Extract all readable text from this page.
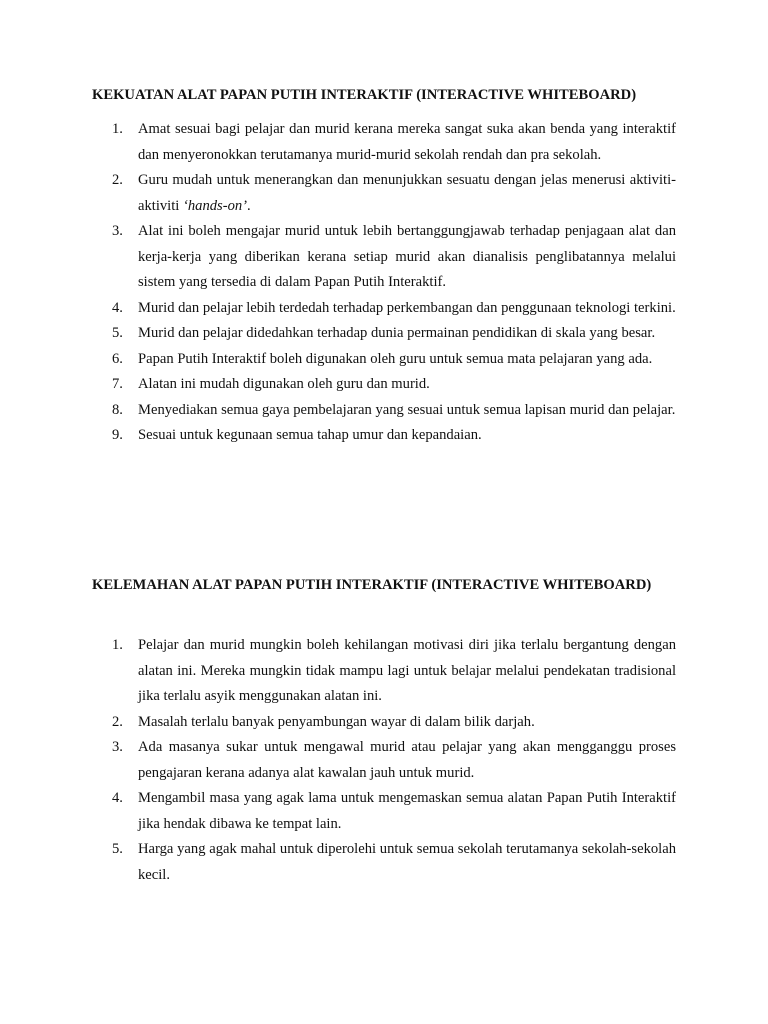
KEKUATAN ALAT PAPAN PUTIH INTERAKTIF (INTERACTIVE WHITEBOARD)
1. Amat sesuai bagi pelajar dan murid kerana mereka sangat suka akan benda yang interaktif dan menyeronokkan terutamanya murid-murid sekolah rendah dan pra sekolah.
2. Guru mudah untuk menerangkan dan menunjukkan sesuatu dengan jelas menerusi aktiviti-aktiviti ‘hands-on’.
3. Alat ini boleh mengajar murid untuk lebih bertanggungjawab terhadap penjagaan alat dan kerja-kerja yang diberikan kerana setiap murid akan dianalisis penglibatannya melalui sistem yang tersedia di dalam Papan Putih Interaktif.
4. Murid dan pelajar lebih terdedah terhadap perkembangan dan penggunaan teknologi terkini.
5. Murid dan pelajar didedahkan terhadap dunia permainan pendidikan di skala yang besar.
6. Papan Putih Interaktif boleh digunakan oleh guru untuk semua mata pelajaran yang ada.
7. Alatan ini mudah digunakan oleh guru dan murid.
8. Menyediakan semua gaya pembelajaran yang sesuai untuk semua lapisan murid dan pelajar.
9. Sesuai untuk kegunaan semua tahap umur dan kepandaian.
KELEMAHAN ALAT PAPAN PUTIH INTERAKTIF (INTERACTIVE WHITEBOARD)
1. Pelajar dan murid mungkin boleh kehilangan motivasi diri jika terlalu bergantung dengan alatan ini. Mereka mungkin tidak mampu lagi untuk belajar melalui pendekatan tradisional jika terlalu asyik menggunakan alatan ini.
2. Masalah terlalu banyak penyambungan wayar di dalam bilik darjah.
3. Ada masanya sukar untuk mengawal murid atau pelajar yang akan mengganggu proses pengajaran kerana adanya alat kawalan jauh untuk murid.
4. Mengambil masa yang agak lama untuk mengemaskan semua alatan Papan Putih Interaktif jika hendak dibawa ke tempat lain.
5. Harga yang agak mahal untuk diperolehi untuk semua sekolah terutamanya sekolah-sekolah kecil.
